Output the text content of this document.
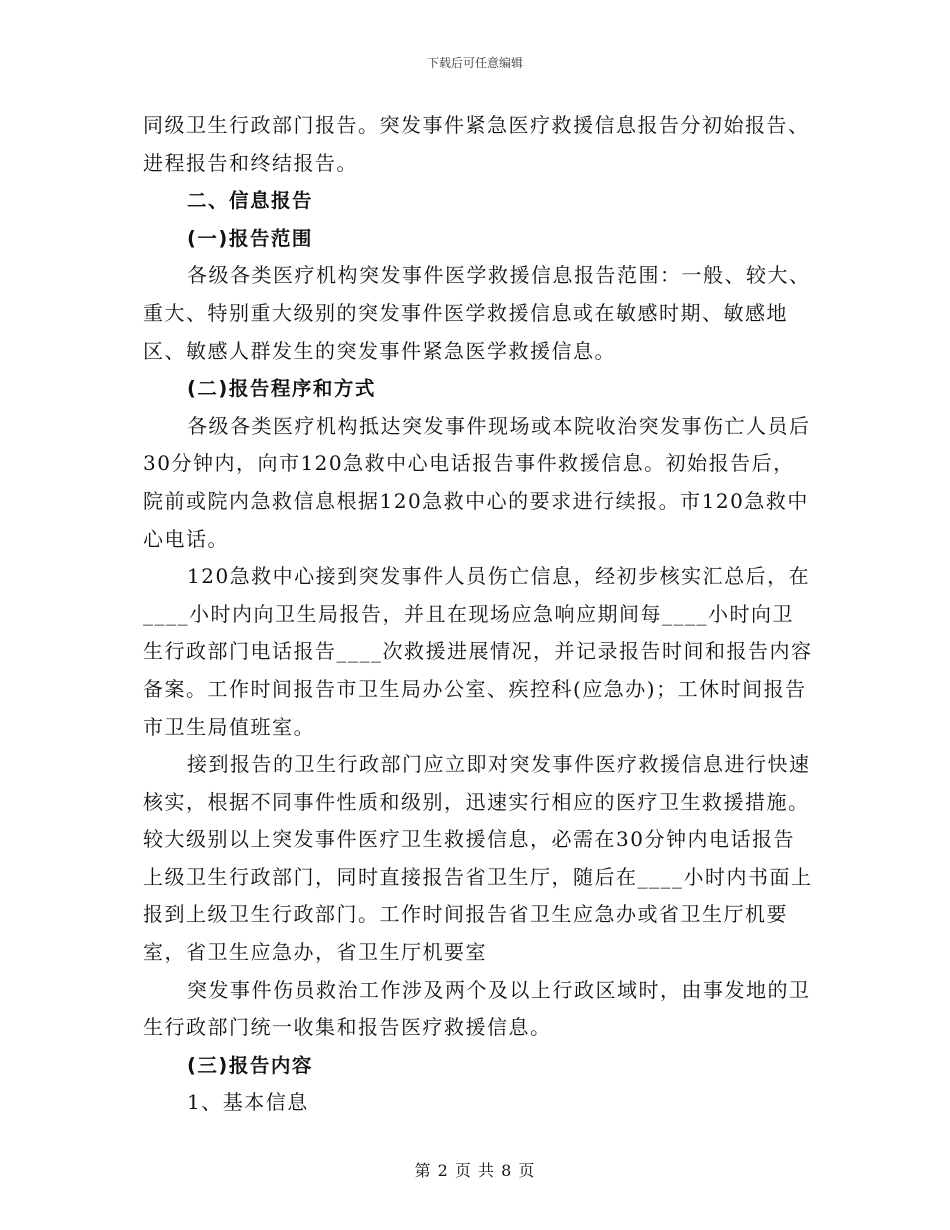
下载后可任意编辑

同级卫生行政部门报告。突发事件紧急医疗救援信息报告分初始报告、进程报告和终结报告。

二、信息报告

(一)报告范围

各级各类医疗机构突发事件医学救援信息报告范围：一般、较大、重大、特别重大级别的突发事件医学救援信息或在敏感时期、敏感地区、敏感人群发生的突发事件紧急医学救援信息。

(二)报告程序和方式

各级各类医疗机构抵达突发事件现场或本院收治突发事伤亡人员后30分钟内，向市120急救中心电话报告事件救援信息。初始报告后，院前或院内急救信息根据120急救中心的要求进行续报。市120急救中心电话。

120急救中心接到突发事件人员伤亡信息，经初步核实汇总后，在____小时内向卫生局报告，并且在现场应急响应期间每____小时向卫生行政部门电话报告____次救援进展情况，并记录报告时间和报告内容备案。工作时间报告市卫生局办公室、疾控科(应急办)；工休时间报告市卫生局值班室。

接到报告的卫生行政部门应立即对突发事件医疗救援信息进行快速核实，根据不同事件性质和级别，迅速实行相应的医疗卫生救援措施。较大级别以上突发事件医疗卫生救援信息，必需在30分钟内电话报告上级卫生行政部门，同时直接报告省卫生厅，随后在____小时内书面上报到上级卫生行政部门。工作时间报告省卫生应急办或省卫生厅机要室，省卫生应急办，省卫生厅机要室

突发事件伤员救治工作涉及两个及以上行政区域时，由事发地的卫生行政部门统一收集和报告医疗救援信息。

(三)报告内容

1、基本信息

第 2 页 共 8 页
